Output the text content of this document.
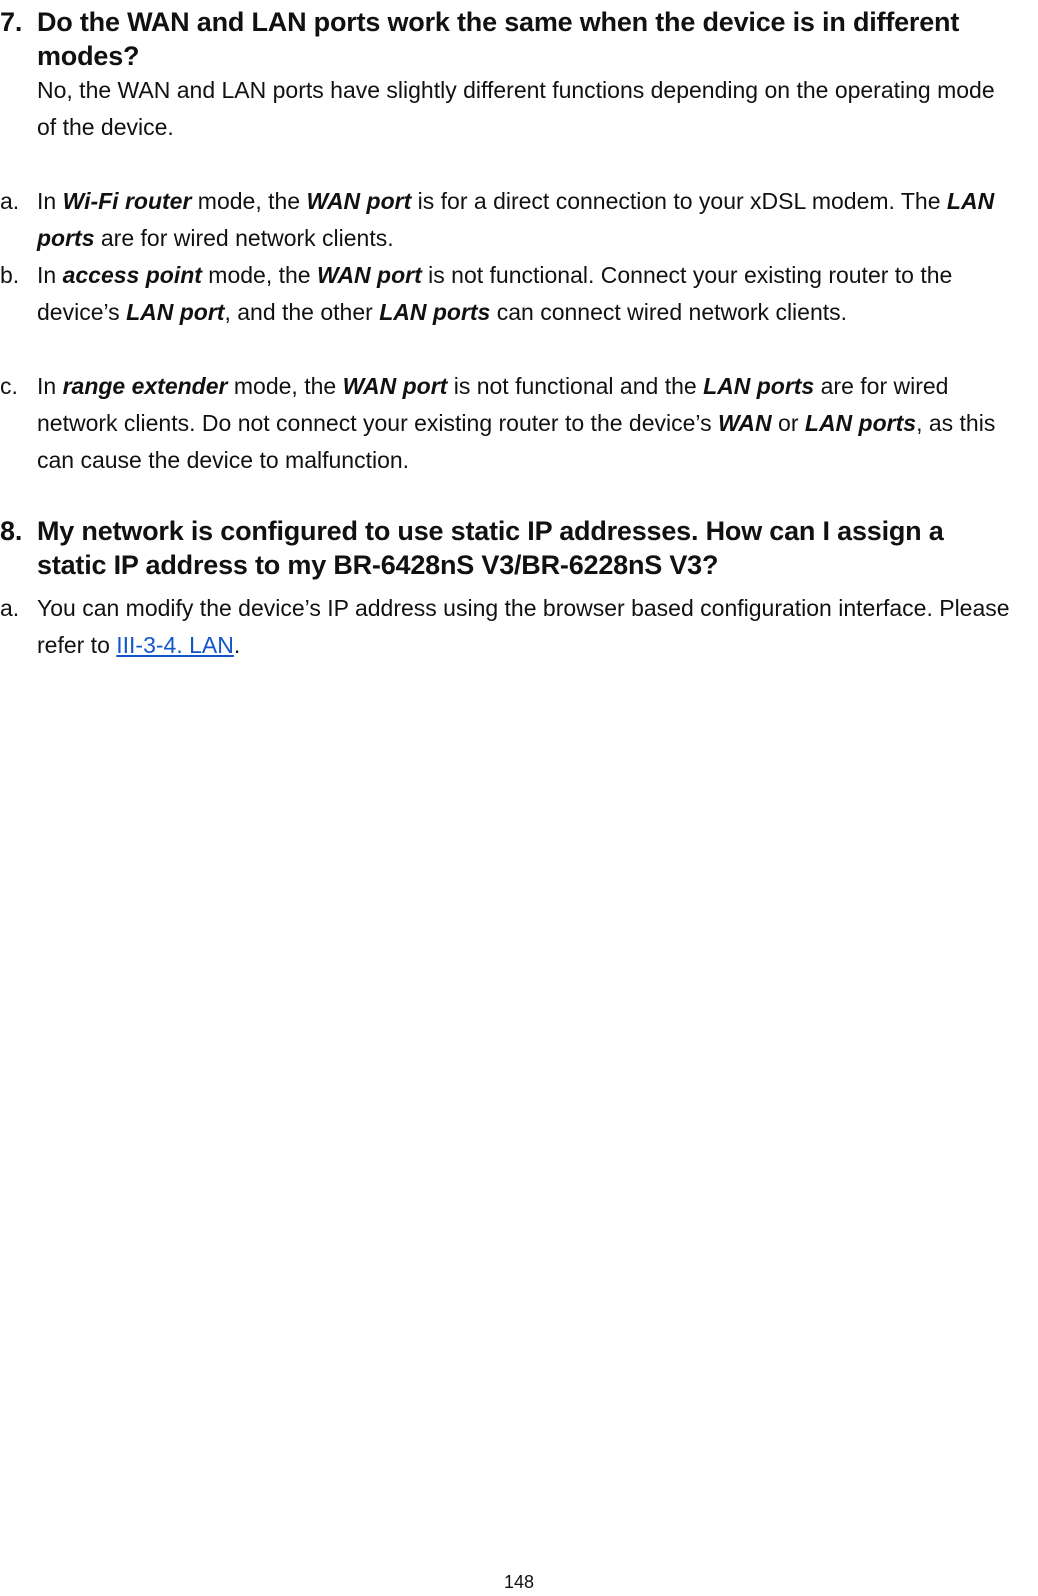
7. Do the WAN and LAN ports work the same when the device is in different modes?
No, the WAN and LAN ports have slightly different functions depending on the operating mode of the device.
a. In Wi-Fi router mode, the WAN port is for a direct connection to your xDSL modem. The LAN ports are for wired network clients.
b. In access point mode, the WAN port is not functional. Connect your existing router to the device’s LAN port, and the other LAN ports can connect wired network clients.
c. In range extender mode, the WAN port is not functional and the LAN ports are for wired network clients. Do not connect your existing router to the device’s WAN or LAN ports, as this can cause the device to malfunction.
8. My network is configured to use static IP addresses. How can I assign a static IP address to my BR-6428nS V3/BR-6228nS V3?
a. You can modify the device’s IP address using the browser based configuration interface. Please refer to III-3-4. LAN.
148
